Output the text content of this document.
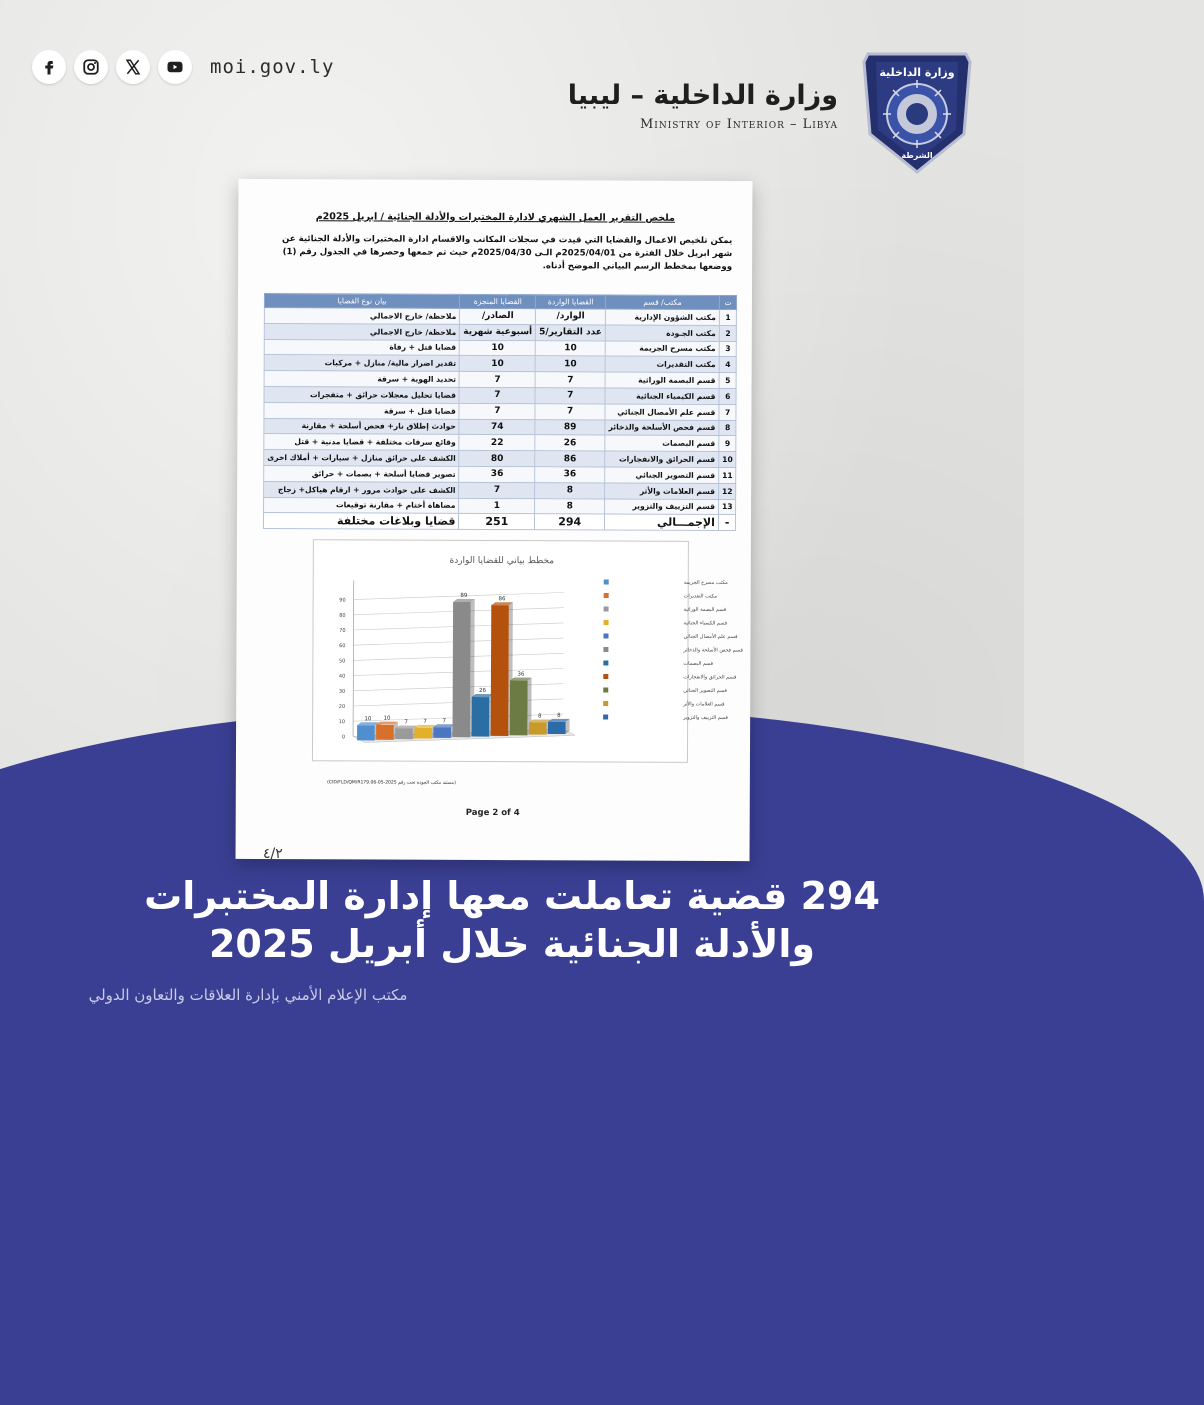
moi.gov.ly
وزارة الداخلية – ليبيا
Ministry of Interior – Libya
وزارة الداخلية
الشرطة
ملخص التقرير العمل الشهري لادارة المختبرات والأدلة الجنائية / ابريل 2025م
يمكن تلخيص الاعمال والقضايا التي قيدت في سجلات المكاتب والاقسام ادارة المختبرات والأدلة الجنائية عن شهر ابريل خلال الفترة من 2025/04/01م الـى 2025/04/30م حيث تم جمعها وحصرها في الجدول رقم (1) ووضعها بمخطط الرسم البياني الموضح أدناه.
ت	مكتب/ قسم	القضايا الواردة	القضايا المنجزة	بيان نوع القضايا
1	مكتب الشؤون الإدارية	الوارد/	الصادر/	ملاحظة/ خارج الاجمالي
2	مكتب الجـودة	عدد التقارير/5	أسبوعية شهرية	ملاحظة/ خارج الاجمالي
3	مكتب مسرح الجريمة	10	10	قضايا قتل + رفاة
4	مكتب التقديرات	10	10	تقدير اضرار مالية/ منازل + مركبات
5	قسم البصمة الوراثية	7	7	تحديد الهوية + سرقة
6	قسم الكيمياء الجنائية	7	7	قضايا تحليل معجلات حرائق + متفجرات
7	قسم علم الأمصال الجنائي	7	7	قضايا قتل + سرقة
8	قسم فحص الأسلحة والذخائر	89	74	حوادث إطلاق نار+ فحص أسلحة + مقارنة
9	قسم البصمات	26	22	وقائع سرقات مختلفة + قضايا مدنية + قتل
10	قسم الحرائق والانفجارات	86	80	الكشف على حرائق منازل + سيارات + أملاك اخرى
11	قسم التصوير الجنائي	36	36	تصوير قضايا أسلحة + بصمات + حرائق
12	قسم العلامات والأثر	8	7	الكشف على حوادث مرور + ارقام هياكل+ زجاج
13	قسم التزييف والتزوير	8	1	مضاهاة أختام + مقارنة توقيعات
-	الإجمـــالي	294	251	قضايا وبلاغات مختلفة
مخطط بياني للقضايا الواردة
0
10
20
30
40
50
60
70
80
90
10 10
7	7	7
89
26
86
36
8	8
مكتب مسرح الجريمة
مكتب التقديرات
قسم البصمة الوراثية
قسم الكيمياء الجنائية
قسم علم الأمصال الجنائي
قسم فحص الأسلحة والذخائر
قسم البصمات
قسم الحرائق والانفجارات
قسم التصوير الجنائي
قسم العلامات والأثر
قسم التزييف والتزوير
(مستند مكتب الجودة تحت رقم 2025-05-06.CID/FLD/QM/R179)
Page 2 of 4
٤/٢
294 قضية تعاملت معها إدارة المختبرات
والأدلة الجنائية خلال أبريل 2025
مكتب الإعلام الأمني بإدارة العلاقات والتعاون الدولي
